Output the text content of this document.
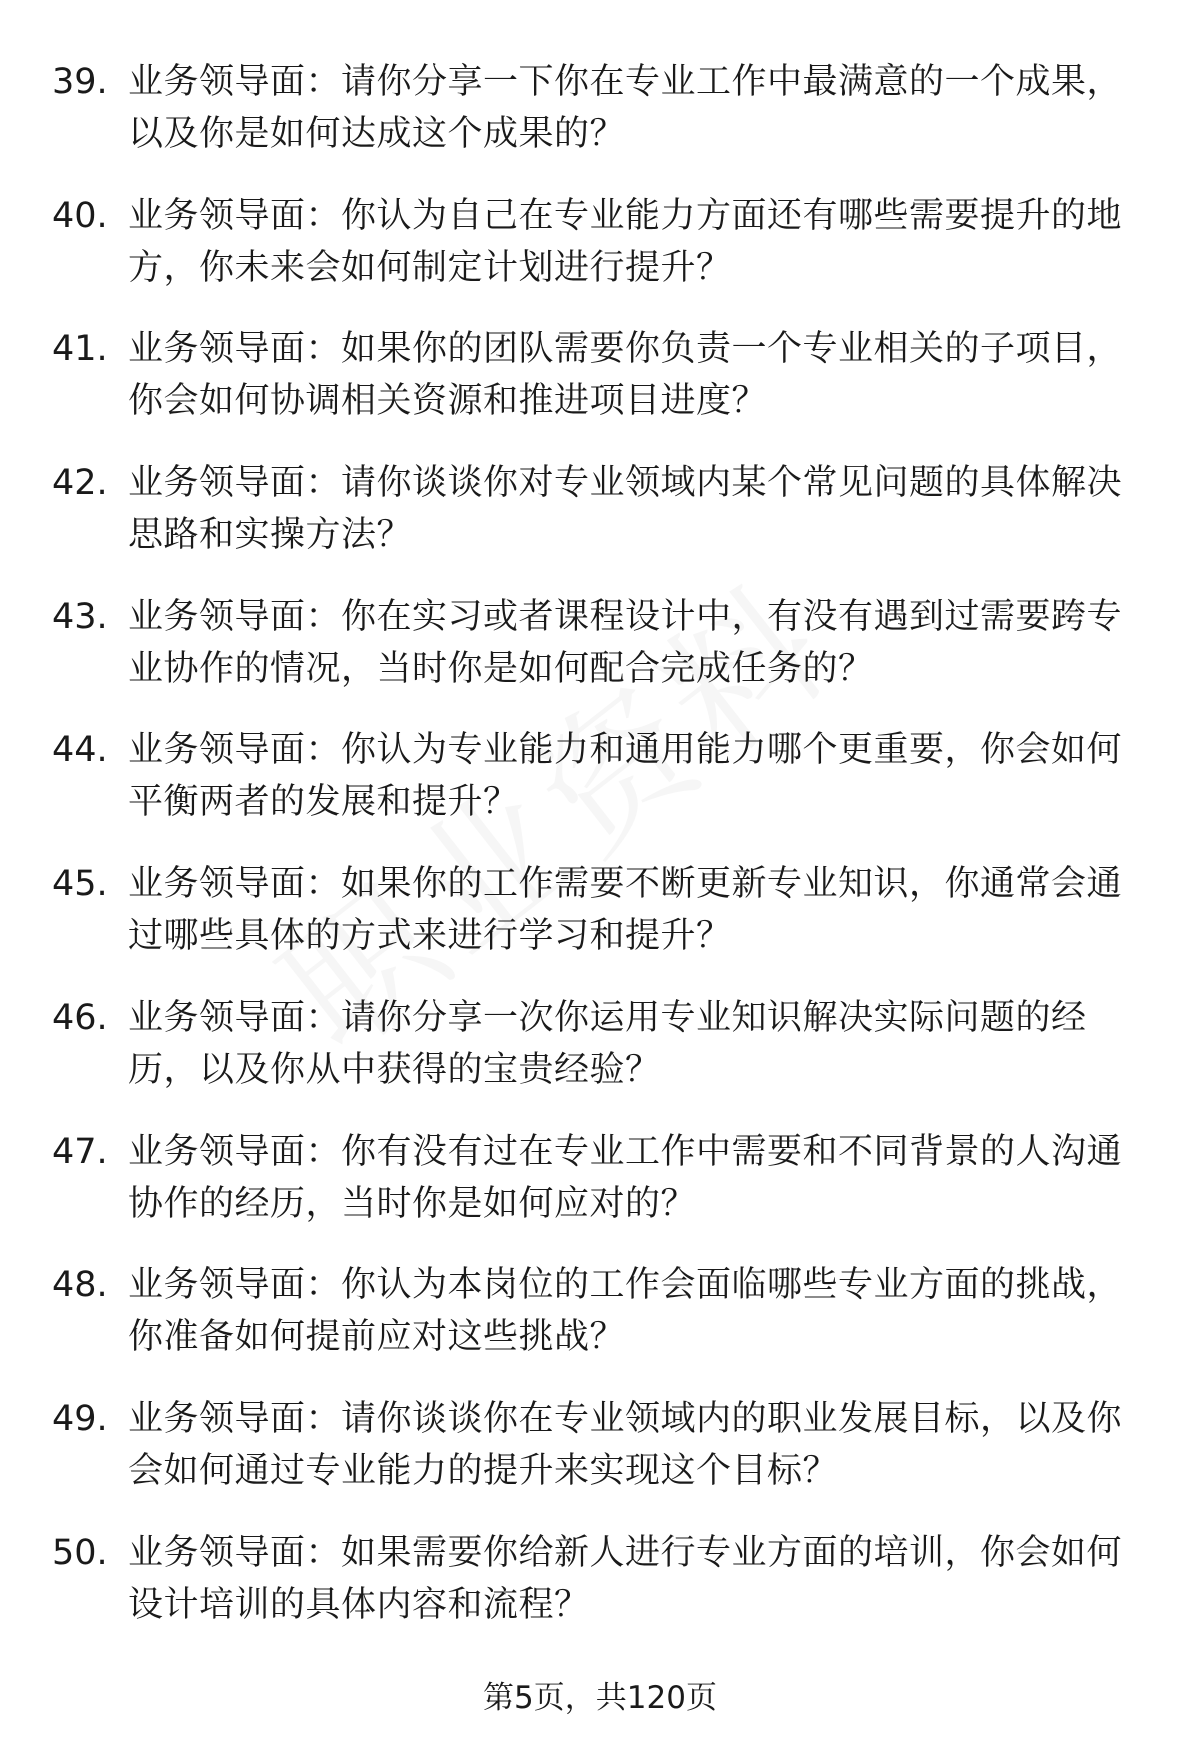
39. 业务领导面：请你分享一下你在专业工作中最满意的一个成果，以及你是如何达成这个成果的？
40. 业务领导面：你认为自己在专业能力方面还有哪些需要提升的地方，你未来会如何制定计划进行提升？
41. 业务领导面：如果你的团队需要你负责一个专业相关的子项目，你会如何协调相关资源和推进项目进度？
42. 业务领导面：请你谈谈你对专业领域内某个常见问题的具体解决思路和实操方法？
43. 业务领导面：你在实习或者课程设计中，有没有遇到过需要跨专业协作的情况，当时你是如何配合完成任务的？
44. 业务领导面：你认为专业能力和通用能力哪个更重要，你会如何平衡两者的发展和提升？
45. 业务领导面：如果你的工作需要不断更新专业知识，你通常会通过哪些具体的方式来进行学习和提升？
46. 业务领导面：请你分享一次你运用专业知识解决实际问题的经历，以及你从中获得的宝贵经验？
47. 业务领导面：你有没有过在专业工作中需要和不同背景的人沟通协作的经历，当时你是如何应对的？
48. 业务领导面：你认为本岗位的工作会面临哪些专业方面的挑战，你准备如何提前应对这些挑战？
49. 业务领导面：请你谈谈你在专业领域内的职业发展目标，以及你会如何通过专业能力的提升来实现这个目标？
50. 业务领导面：如果需要你给新人进行专业方面的培训，你会如何设计培训的具体内容和流程？
第5页，共120页
